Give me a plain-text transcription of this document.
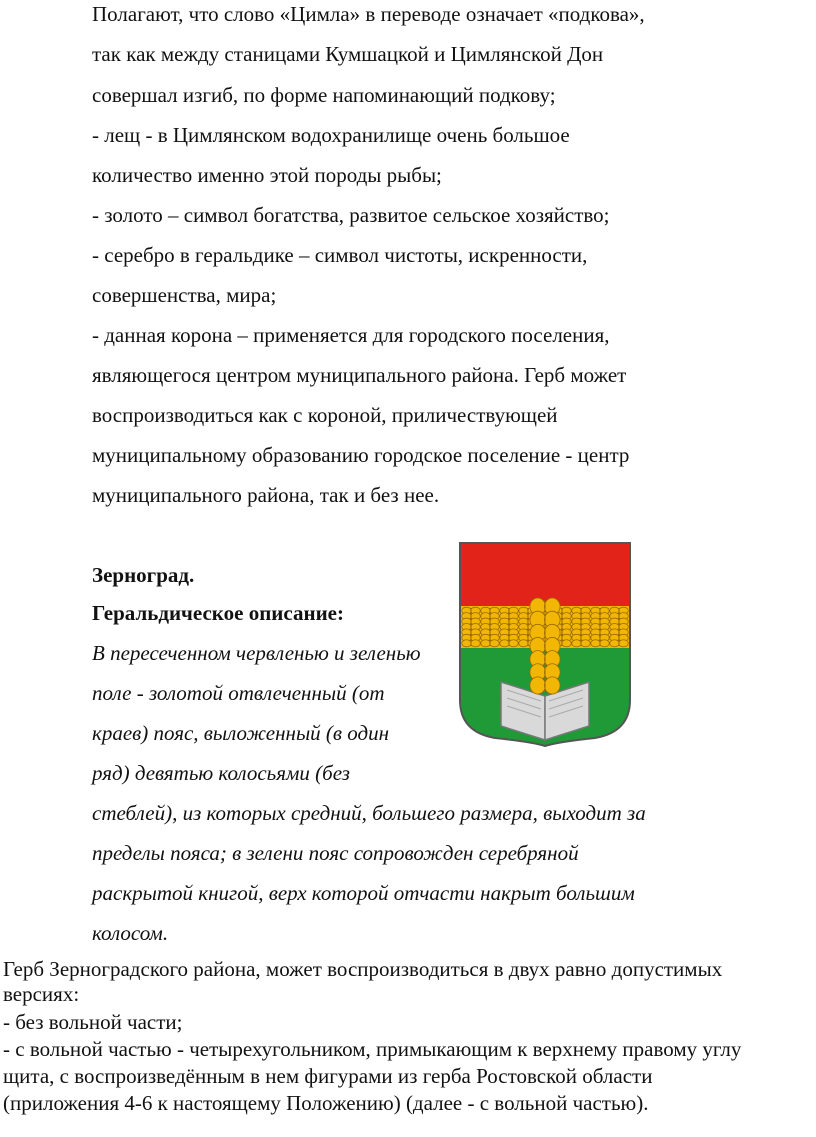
Полагают, что слово «Цимла» в переводе означает «подкова»,
так как между станицами Кумшацкой и Цимлянской Дон
совершал изгиб, по форме напоминающий подкову;
- лещ - в Цимлянском водохранилище очень большое
количество именно этой породы рыбы;
- золото – символ богатства, развитое сельское хозяйство;
- серебро в геральдике – символ чистоты, искренности,
совершенства, мира;
- данная корона – применяется для городского поселения,
являющегося центром муниципального района. Герб может
воспроизводиться как с короной, приличествующей
муниципальному образованию городское поселение - центр
муниципального района, так и без нее.
Зерноград.
Геральдическое описание:
В пересеченном червленью и зеленью
поле - золотой отвлеченный (от
краев) пояс, выложенный (в один
ряд) девятью колосьями (без
стеблей), из которых средний, большего размера, выходит за
пределы пояса; в зелени пояс сопровожден серебряной
раскрытой книгой, верх которой отчасти накрыт большим
колосом.
Герб Зерноградского района, может воспроизводиться в двух равно допустимых
версиях:
- без вольной части;
- с вольной частью - четырехугольником, примыкающим к верхнему правому углу
щита, с воспроизведённым в нем фигурами из герба Ростовской области
(приложения 4-6 к настоящему Положению) (далее - с вольной частью).
